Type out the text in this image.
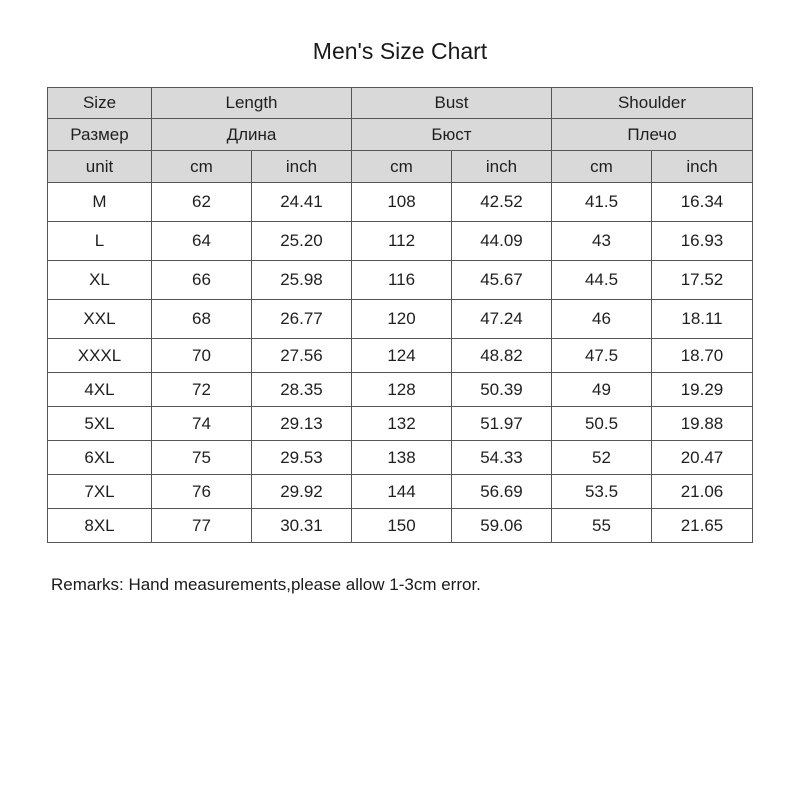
Men's Size Chart
Size	Length		Bust		Shoulder	
Размер	Длина		Бюст		Плечо	
unit	cm	inch	cm	inch	cm	inch
M	62	24.41	108	42.52	41.5	16.34
L	64	25.20	112	44.09	43	16.93
XL	66	25.98	116	45.67	44.5	17.52
XXL	68	26.77	120	47.24	46	18.11
XXXL	70	27.56	124	48.82	47.5	18.70
4XL	72	28.35	128	50.39	49	19.29
5XL	74	29.13	132	51.97	50.5	19.88
6XL	75	29.53	138	54.33	52	20.47
7XL	76	29.92	144	56.69	53.5	21.06
8XL	77	30.31	150	59.06	55	21.65
Remarks: Hand measurements,please allow 1-3cm error.
